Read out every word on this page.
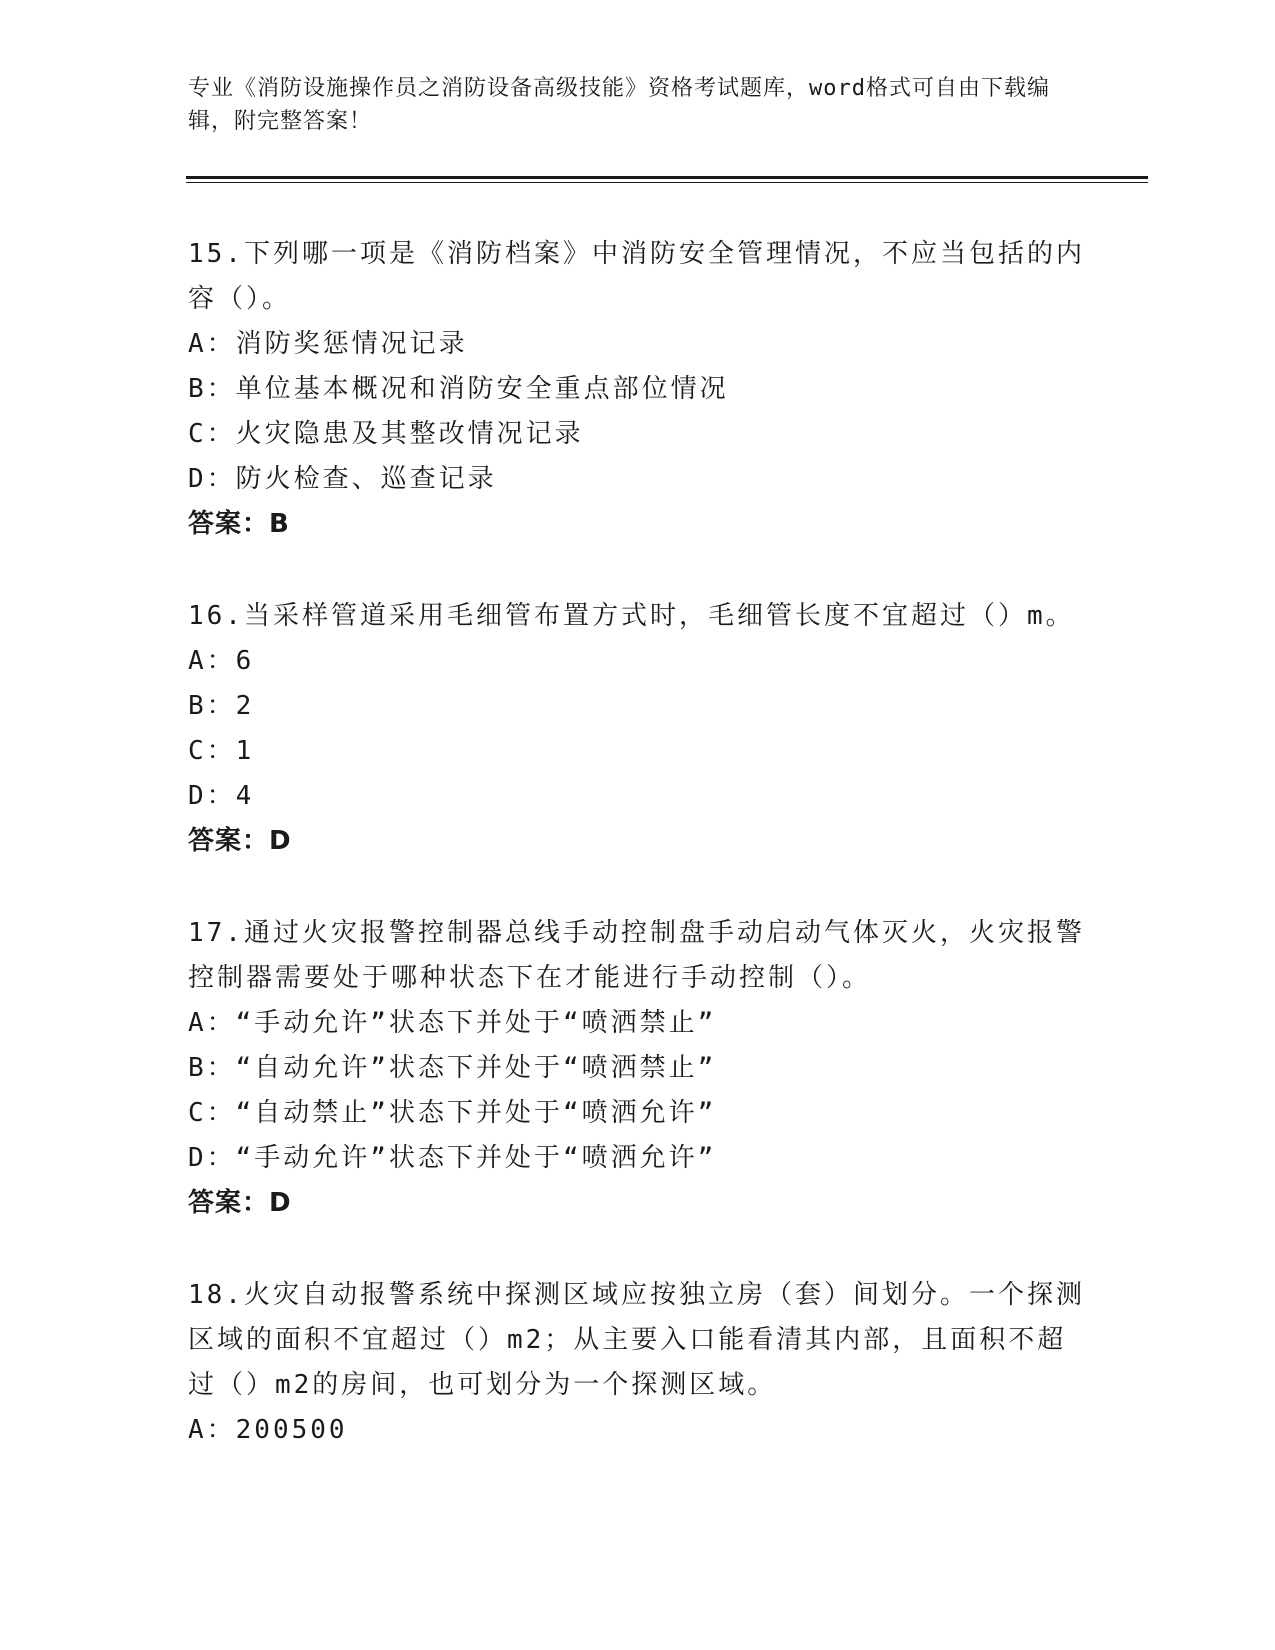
专业《消防设施操作员之消防设备高级技能》资格考试题库，word格式可自由下载编辑，附完整答案！

15.下列哪一项是《消防档案》中消防安全管理情况，不应当包括的内容（）。

A：消防奖惩情况记录

B：单位基本概况和消防安全重点部位情况

C：火灾隐患及其整改情况记录

D：防火检查、巡查记录

答案：B

16.当采样管道采用毛细管布置方式时，毛细管长度不宜超过（）m。

A：6

B：2

C：1

D：4

答案：D

17.通过火灾报警控制器总线手动控制盘手动启动气体灭火，火灾报警控制器需要处于哪种状态下在才能进行手动控制（）。

A：“手动允许”状态下并处于“喷洒禁止”

B：“自动允许”状态下并处于“喷洒禁止”

C：“自动禁止”状态下并处于“喷洒允许”

D：“手动允许”状态下并处于“喷洒允许”

答案：D

18.火灾自动报警系统中探测区域应按独立房（套）间划分。一个探测区域的面积不宜超过（）m2；从主要入口能看清其内部，且面积不超过（）m2的房间，也可划分为一个探测区域。

A：200500
